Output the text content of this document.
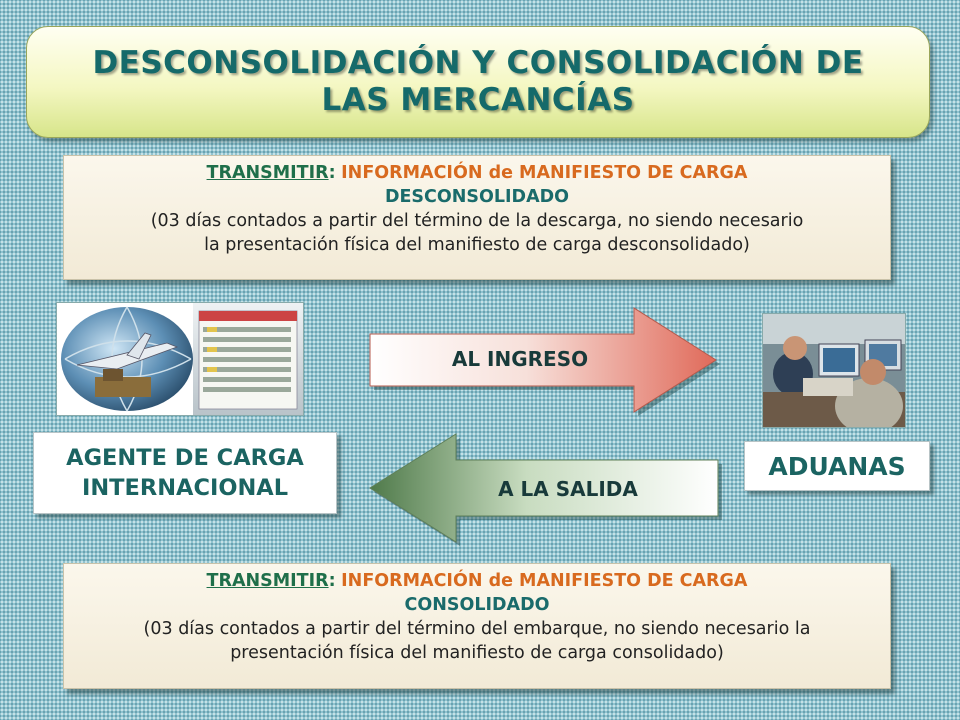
DESCONSOLIDACIÓN Y CONSOLIDACIÓN DE
LAS MERCANCÍAS
TRANSMITIR: INFORMACIÓN de MANIFIESTO DE CARGA
DESCONSOLIDADO
(03 días contados a partir del término de la descarga, no siendo necesario
la presentación física del manifiesto de carga desconsolidado)
AL INGRESO
A LA SALIDA
AGENTE DE CARGA
INTERNACIONAL
ADUANAS
TRANSMITIR: INFORMACIÓN de MANIFIESTO DE CARGA
CONSOLIDADO
(03 días contados a partir del término del embarque, no siendo necesario la
presentación física del manifiesto de carga consolidado)
